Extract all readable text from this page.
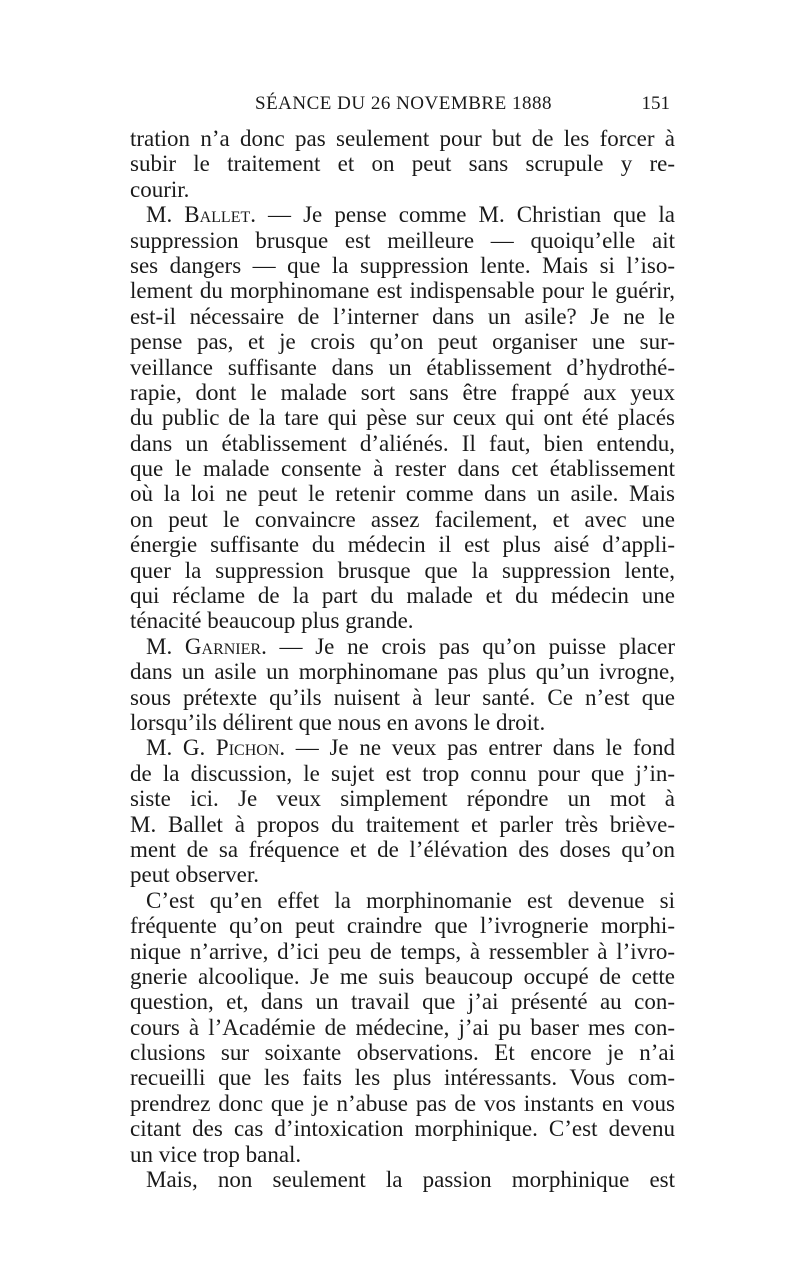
SÉANCE DU 26 NOVEMBRE 1888	151
tration n’a donc pas seulement pour but de les forcer à
subir le traitement et on peut sans scrupule y re-
courir.
M. Ballet. — Je pense comme M. Christian que la
suppression brusque est meilleure — quoiqu’elle ait
ses dangers — que la suppression lente. Mais si l’iso-
lement du morphinomane est indispensable pour le guérir,
est-il nécessaire de l’interner dans un asile? Je ne le
pense pas, et je crois qu’on peut organiser une sur-
veillance suffisante dans un établissement d’hydrothé-
rapie, dont le malade sort sans être frappé aux yeux
du public de la tare qui pèse sur ceux qui ont été placés
dans un établissement d’aliénés. Il faut, bien entendu,
que le malade consente à rester dans cet établissement
où la loi ne peut le retenir comme dans un asile. Mais
on peut le convaincre assez facilement, et avec une
énergie suffisante du médecin il est plus aisé d’appli-
quer la suppression brusque que la suppression lente,
qui réclame de la part du malade et du médecin une
ténacité beaucoup plus grande.
M. Garnier. — Je ne crois pas qu’on puisse placer
dans un asile un morphinomane pas plus qu’un ivrogne,
sous prétexte qu’ils nuisent à leur santé. Ce n’est que
lorsqu’ils délirent que nous en avons le droit.
M. G. Pichon. — Je ne veux pas entrer dans le fond
de la discussion, le sujet est trop connu pour que j’in-
siste ici. Je veux simplement répondre un mot à
M. Ballet à propos du traitement et parler très briève-
ment de sa fréquence et de l’élévation des doses qu’on
peut observer.
C’est qu’en effet la morphinomanie est devenue si
fréquente qu’on peut craindre que l’ivrognerie morphi-
nique n’arrive, d’ici peu de temps, à ressembler à l’ivro-
gnerie alcoolique. Je me suis beaucoup occupé de cette
question, et, dans un travail que j’ai présenté au con-
cours à l’Académie de médecine, j’ai pu baser mes con-
clusions sur soixante observations. Et encore je n’ai
recueilli que les faits les plus intéressants. Vous com-
prendrez donc que je n’abuse pas de vos instants en vous
citant des cas d’intoxication morphinique. C’est devenu
un vice trop banal.
Mais, non seulement la passion morphinique est
